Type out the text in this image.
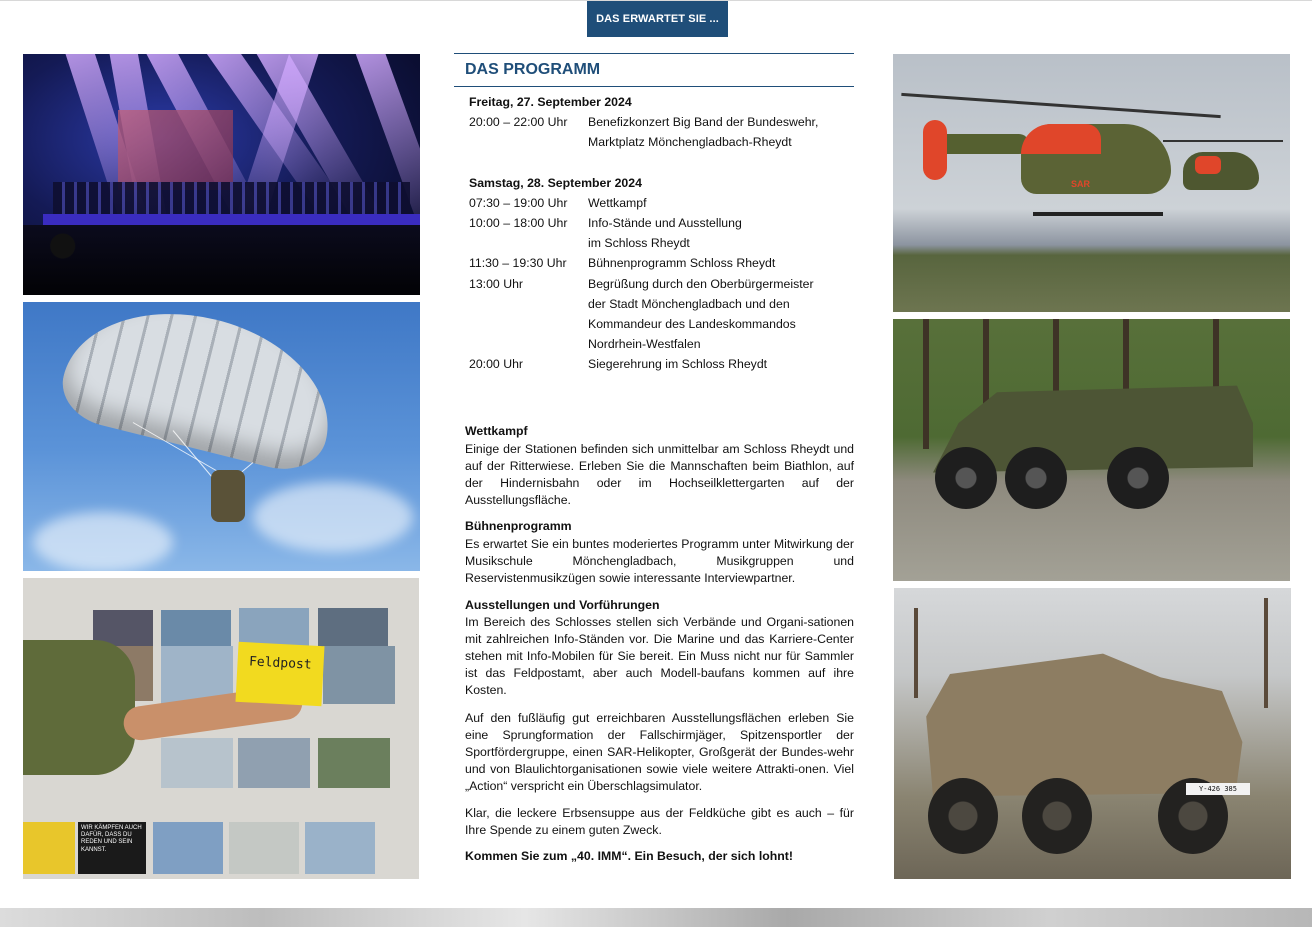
DAS ERWARTET SIE ...
WIR KÄMPFEN AUCH DAFÜR, DASS DU REDEN UND SEIN KANNST.
Feldpost
DAS PROGRAMM
Freitag, 27. September 2024
20:00 – 22:00 Uhr Benefizkonzert Big Band der Bundeswehr,
Marktplatz Mönchengladbach-Rheydt
Samstag, 28. September 2024
07:30 – 19:00 Uhr Wettkampf
10:00 – 18:00 Uhr Info-Stände und Ausstellung
im Schloss Rheydt
11:30 – 19:30 Uhr Bühnenprogramm Schloss Rheydt
13:00 Uhr	Begrüßung durch den Oberbürgermeister
der Stadt Mönchengladbach und den
Kommandeur des Landeskommandos
Nordrhein-Westfalen
20:00 Uhr	Siegerehrung im Schloss Rheydt
Wettkampf

Einige der Stationen befinden sich unmittelbar am Schloss Rheydt und auf der Ritterwiese. Erleben Sie die Mannschaften beim Biathlon, auf der Hindernisbahn oder im Hochseilklettergarten auf der Ausstellungsfläche.

Bühnenprogramm

Es erwartet Sie ein buntes moderiertes Programm unter Mitwirkung der Musikschule Mönchengladbach, Musikgruppen und Reservistenmusikzügen sowie interessante Interviewpartner.

Ausstellungen und Vorführungen

Im Bereich des Schlosses stellen sich Verbände und Organi-sationen mit zahlreichen Info-Ständen vor. Die Marine und das Karriere-Center stehen mit Info-Mobilen für Sie bereit. Ein Muss nicht nur für Sammler ist das Feldpostamt, aber auch Modell-baufans kommen auf ihre Kosten.

Auf den fußläufig gut erreichbaren Ausstellungsflächen erleben Sie eine Sprungformation der Fallschirmjäger, Spitzensportler der Sportfördergruppe, einen SAR-Helikopter, Großgerät der Bundes-wehr und von Blaulichtorganisationen sowie viele weitere Attrakti-onen. Viel „Action“ verspricht ein Überschlagsimulator.

Klar, die leckere Erbsensuppe aus der Feldküche gibt es auch – für Ihre Spende zu einem guten Zweck.

Kommen Sie zum „40. IMM“. Ein Besuch, der sich lohnt!
SAR
Y-426 385
